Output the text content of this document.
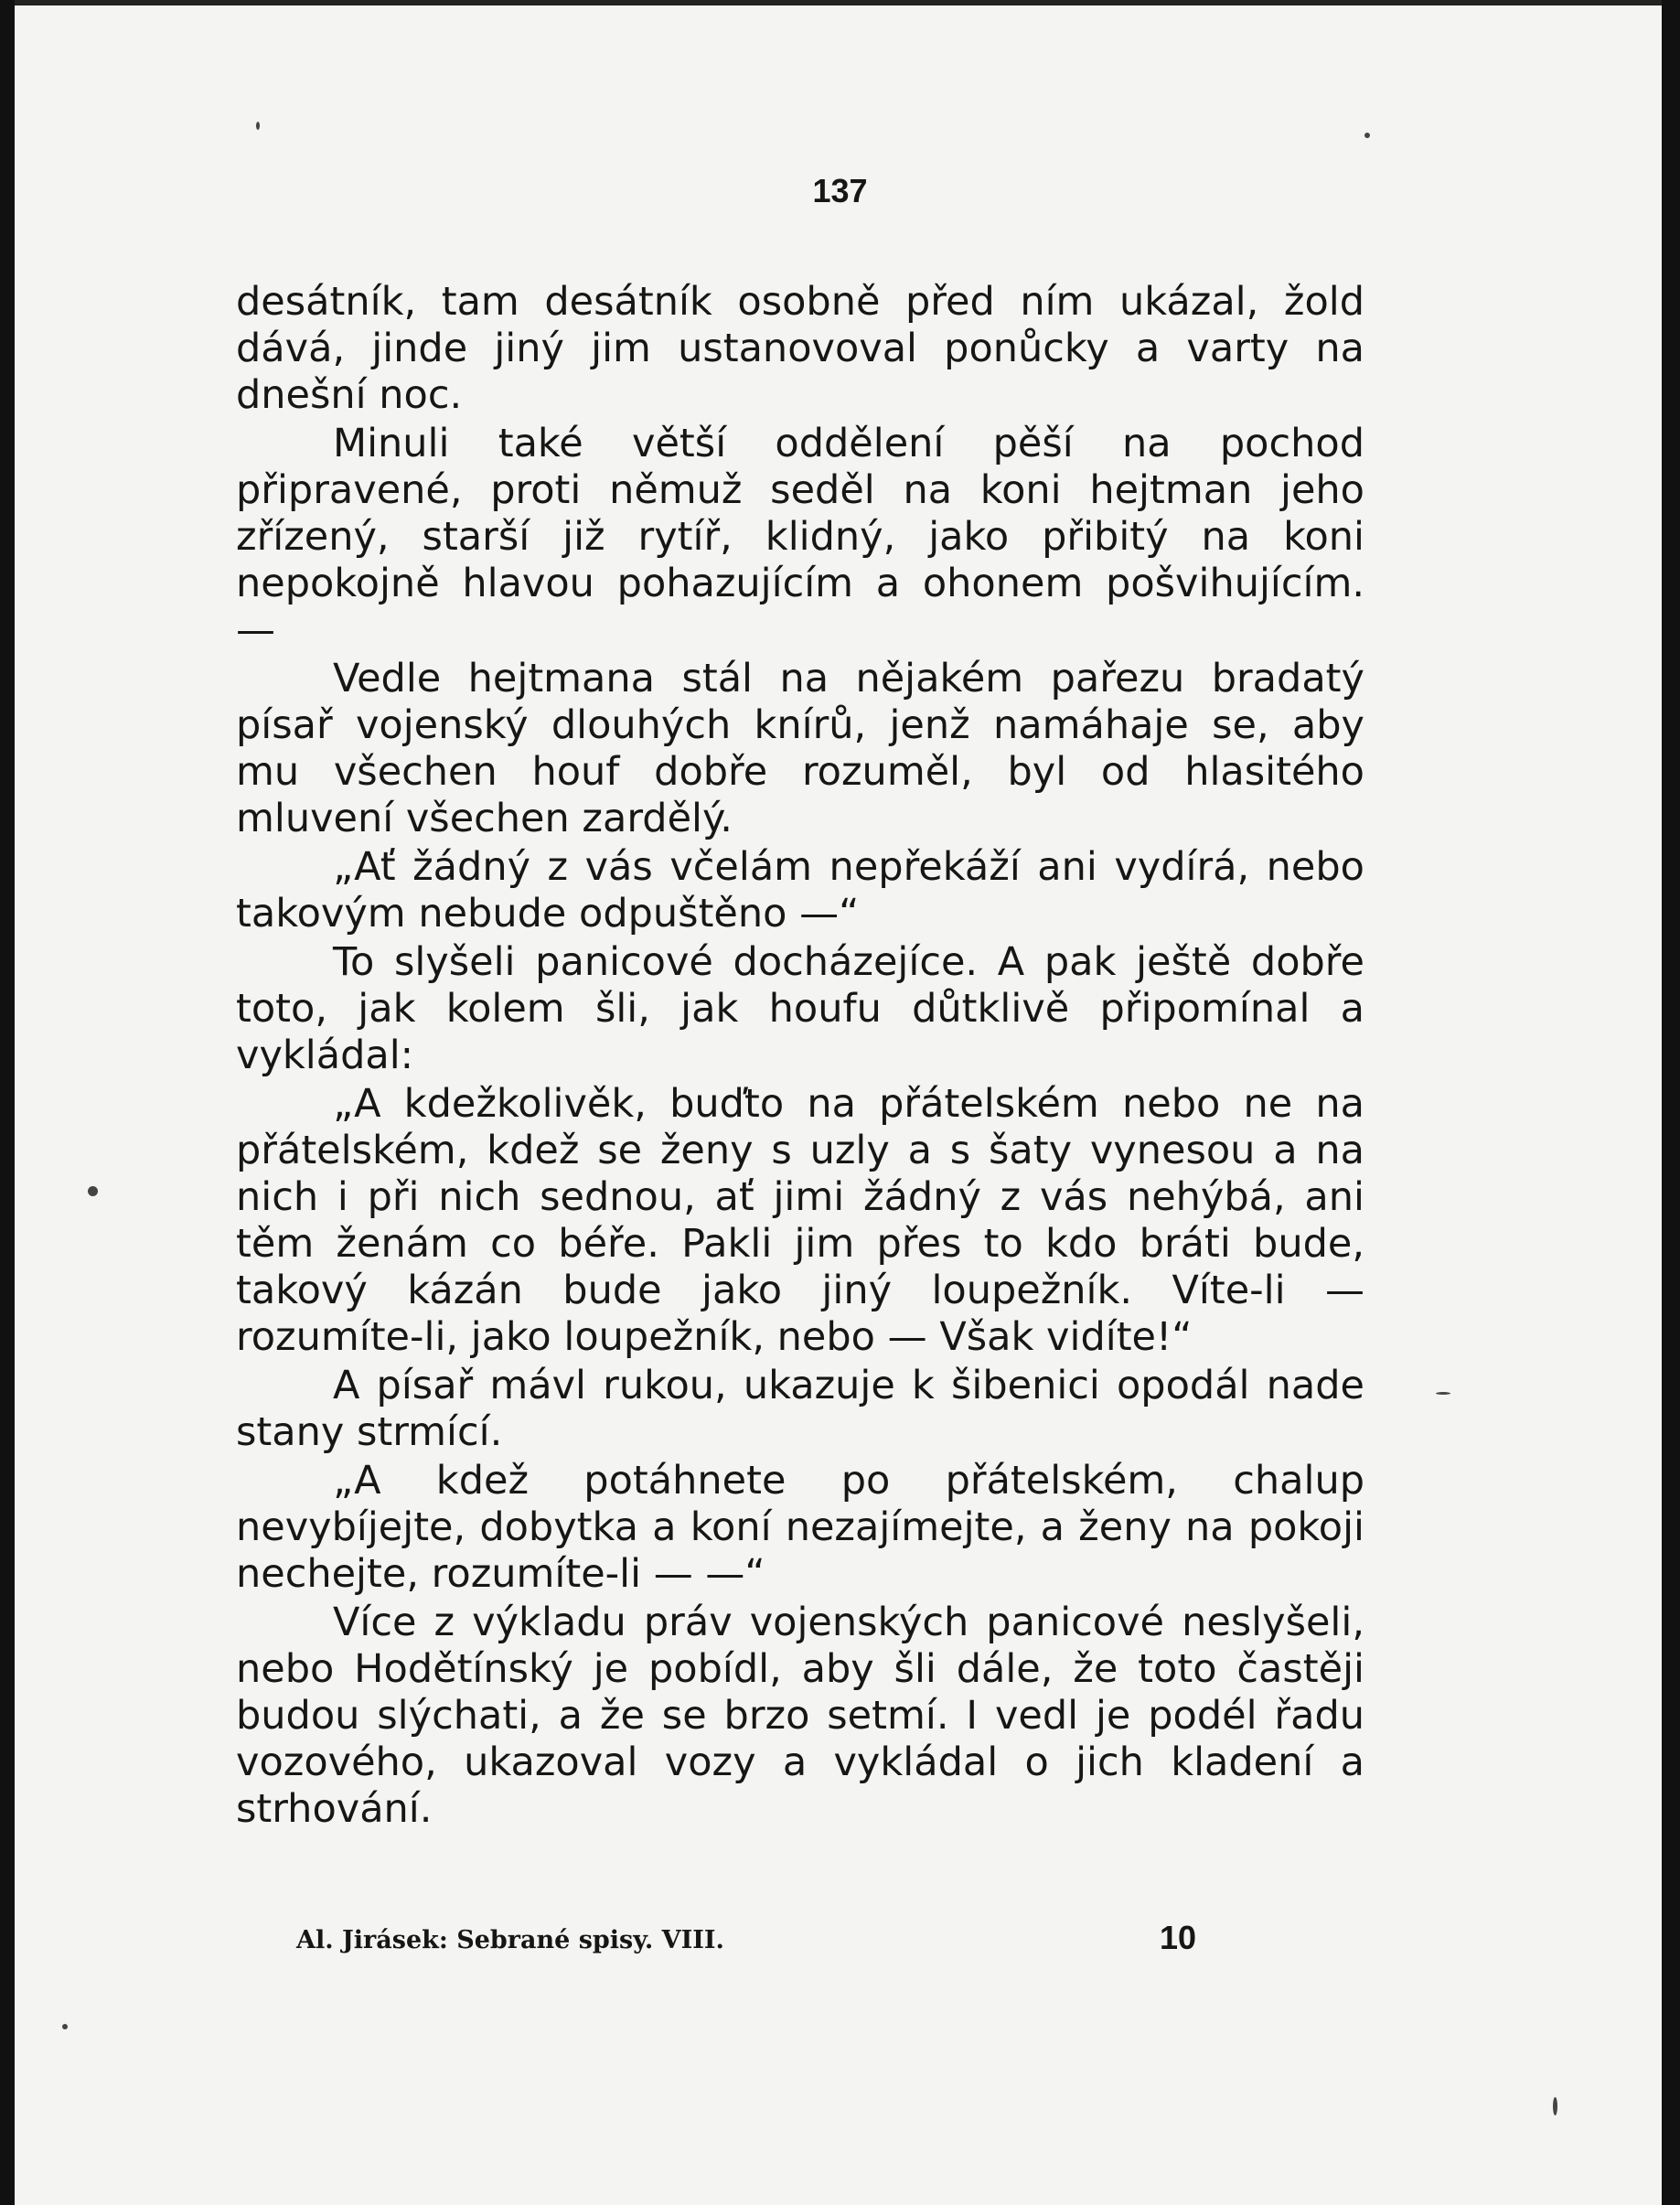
137

desátník, tam desátník osobně před ním ukázal, žold dává, jinde jiný jim ustanovoval ponůcky a varty na dnešní noc.

Minuli také větší oddělení pěší na pochod připravené, proti němuž seděl na koni hejtman jeho zřízený, starší již rytíř, klidný, jako přibitý na koni nepokojně hlavou pohazujícím a ohonem pošvihujícím. —

Vedle hejtmana stál na nějakém pařezu bradatý písař vojenský dlouhých knírů, jenž namáhaje se, aby mu všechen houf dobře rozuměl, byl od hlasitého mluvení všechen zardělý.

„Ať žádný z vás včelám nepřekáží ani vydírá, nebo takovým nebude odpuštěno —“

To slyšeli panicové docházejíce. A pak ještě dobře toto, jak kolem šli, jak houfu důtklivě připomínal a vykládal:

„A kdežkolivěk, buďto na přátelském nebo ne na přátelském, kdež se ženy s uzly a s šaty vynesou a na nich i při nich sednou, ať jimi žádný z vás nehýbá, ani těm ženám co béře. Pakli jim přes to kdo bráti bude, takový kázán bude jako jiný loupežník. Víte-li — rozumíte-li, jako loupežník, nebo — Však vidíte!“

A písař mávl rukou, ukazuje k šibenici opodál nade stany strmící.

„A kdež potáhnete po přátelském, chalup nevybíjejte, dobytka a koní nezajímejte, a ženy na pokoji nechejte, rozumíte-li — —“

Více z výkladu práv vojenských panicové neslyšeli, nebo Hodětínský je pobídl, aby šli dále, že toto častěji budou slýchati, a že se brzo setmí. I vedl je podél řadu vozového, ukazoval vozy a vykládal o jich kladení a strhování.

Al. Jirásek: Sebrané spisy. VIII.	10
